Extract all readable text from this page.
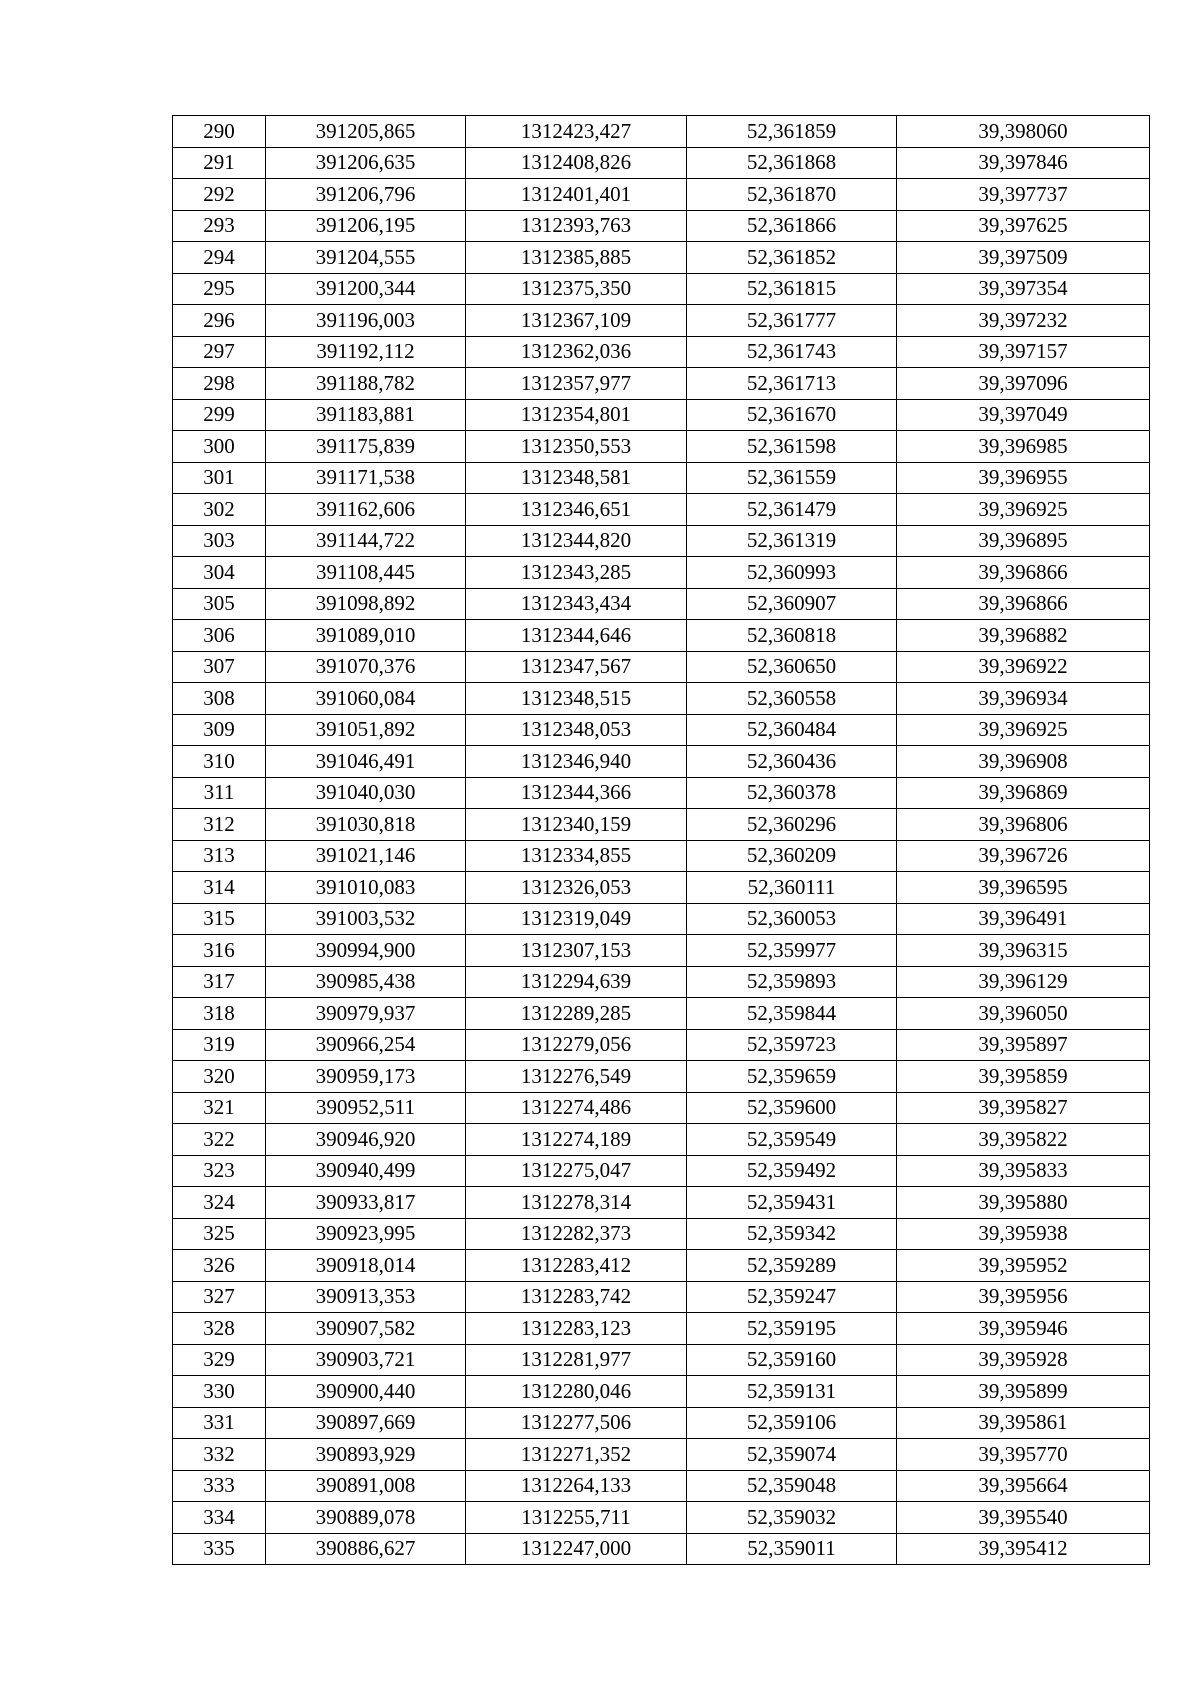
290	391205,865	1312423,427	52,361859	39,398060
291	391206,635	1312408,826	52,361868	39,397846
292	391206,796	1312401,401	52,361870	39,397737
293	391206,195	1312393,763	52,361866	39,397625
294	391204,555	1312385,885	52,361852	39,397509
295	391200,344	1312375,350	52,361815	39,397354
296	391196,003	1312367,109	52,361777	39,397232
297	391192,112	1312362,036	52,361743	39,397157
298	391188,782	1312357,977	52,361713	39,397096
299	391183,881	1312354,801	52,361670	39,397049
300	391175,839	1312350,553	52,361598	39,396985
301	391171,538	1312348,581	52,361559	39,396955
302	391162,606	1312346,651	52,361479	39,396925
303	391144,722	1312344,820	52,361319	39,396895
304	391108,445	1312343,285	52,360993	39,396866
305	391098,892	1312343,434	52,360907	39,396866
306	391089,010	1312344,646	52,360818	39,396882
307	391070,376	1312347,567	52,360650	39,396922
308	391060,084	1312348,515	52,360558	39,396934
309	391051,892	1312348,053	52,360484	39,396925
310	391046,491	1312346,940	52,360436	39,396908
311	391040,030	1312344,366	52,360378	39,396869
312	391030,818	1312340,159	52,360296	39,396806
313	391021,146	1312334,855	52,360209	39,396726
314	391010,083	1312326,053	52,360111	39,396595
315	391003,532	1312319,049	52,360053	39,396491
316	390994,900	1312307,153	52,359977	39,396315
317	390985,438	1312294,639	52,359893	39,396129
318	390979,937	1312289,285	52,359844	39,396050
319	390966,254	1312279,056	52,359723	39,395897
320	390959,173	1312276,549	52,359659	39,395859
321	390952,511	1312274,486	52,359600	39,395827
322	390946,920	1312274,189	52,359549	39,395822
323	390940,499	1312275,047	52,359492	39,395833
324	390933,817	1312278,314	52,359431	39,395880
325	390923,995	1312282,373	52,359342	39,395938
326	390918,014	1312283,412	52,359289	39,395952
327	390913,353	1312283,742	52,359247	39,395956
328	390907,582	1312283,123	52,359195	39,395946
329	390903,721	1312281,977	52,359160	39,395928
330	390900,440	1312280,046	52,359131	39,395899
331	390897,669	1312277,506	52,359106	39,395861
332	390893,929	1312271,352	52,359074	39,395770
333	390891,008	1312264,133	52,359048	39,395664
334	390889,078	1312255,711	52,359032	39,395540
335	390886,627	1312247,000	52,359011	39,395412
